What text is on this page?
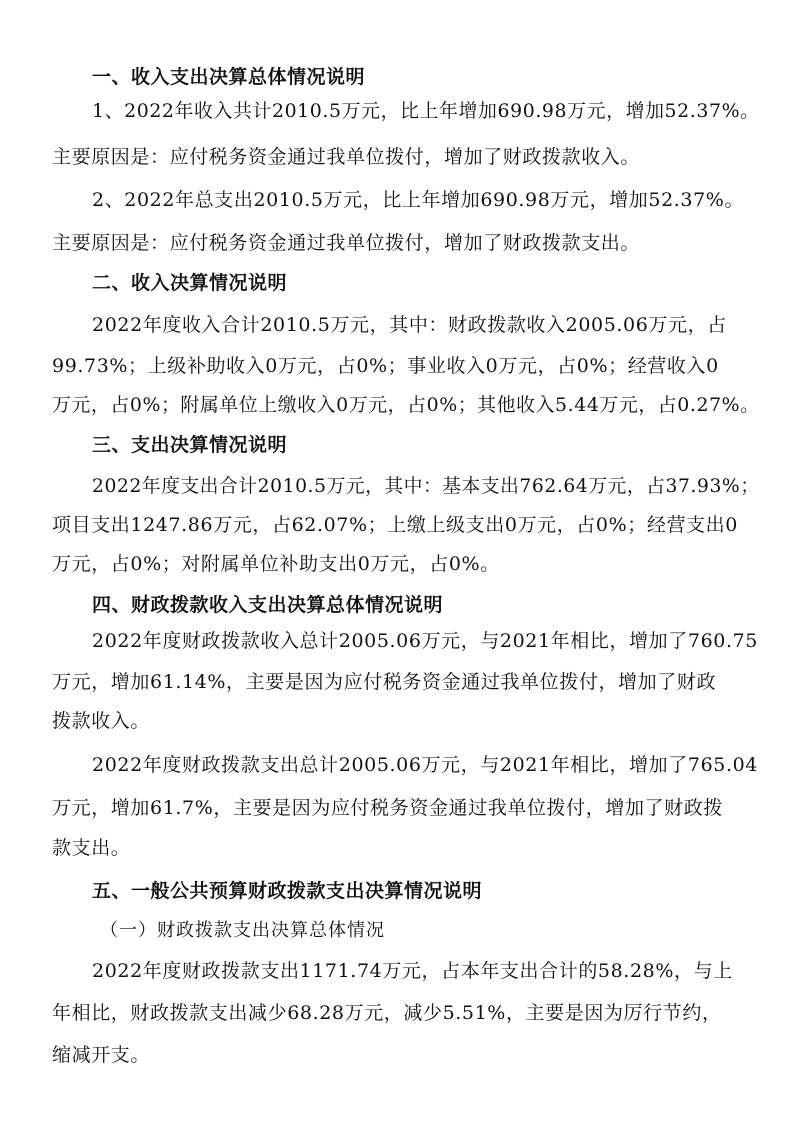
一、收入支出决算总体情况说明
1、2022年收入共计2010.5万元，比上年增加690.98万元，增加52.37%。
主要原因是：应付税务资金通过我单位拨付，增加了财政拨款收入。
2、2022年总支出2010.5万元，比上年增加690.98万元，增加52.37%。
主要原因是：应付税务资金通过我单位拨付，增加了财政拨款支出。
二、收入决算情况说明
2022年度收入合计2010.5万元，其中：财政拨款收入2005.06万元，占
99.73%；上级补助收入0万元，占0%；事业收入0万元，占0%；经营收入0
万元，占0%；附属单位上缴收入0万元，占0%；其他收入5.44万元，占0.27%。
三、支出决算情况说明
2022年度支出合计2010.5万元，其中：基本支出762.64万元，占37.93%；
项目支出1247.86万元，占62.07%；上缴上级支出0万元，占0%；经营支出0
万元，占0%；对附属单位补助支出0万元，占0%。
四、财政拨款收入支出决算总体情况说明
2022年度财政拨款收入总计2005.06万元，与2021年相比，增加了760.75
万元，增加61.14%，主要是因为应付税务资金通过我单位拨付，增加了财政
拨款收入。
2022年度财政拨款支出总计2005.06万元，与2021年相比，增加了765.04
万元，增加61.7%，主要是因为应付税务资金通过我单位拨付，增加了财政拨
款支出。
五、一般公共预算财政拨款支出决算情况说明
（一）财政拨款支出决算总体情况
2022年度财政拨款支出1171.74万元，占本年支出合计的58.28%，与上
年相比，财政拨款支出减少68.28万元，减少5.51%，主要是因为厉行节约，
缩减开支。
